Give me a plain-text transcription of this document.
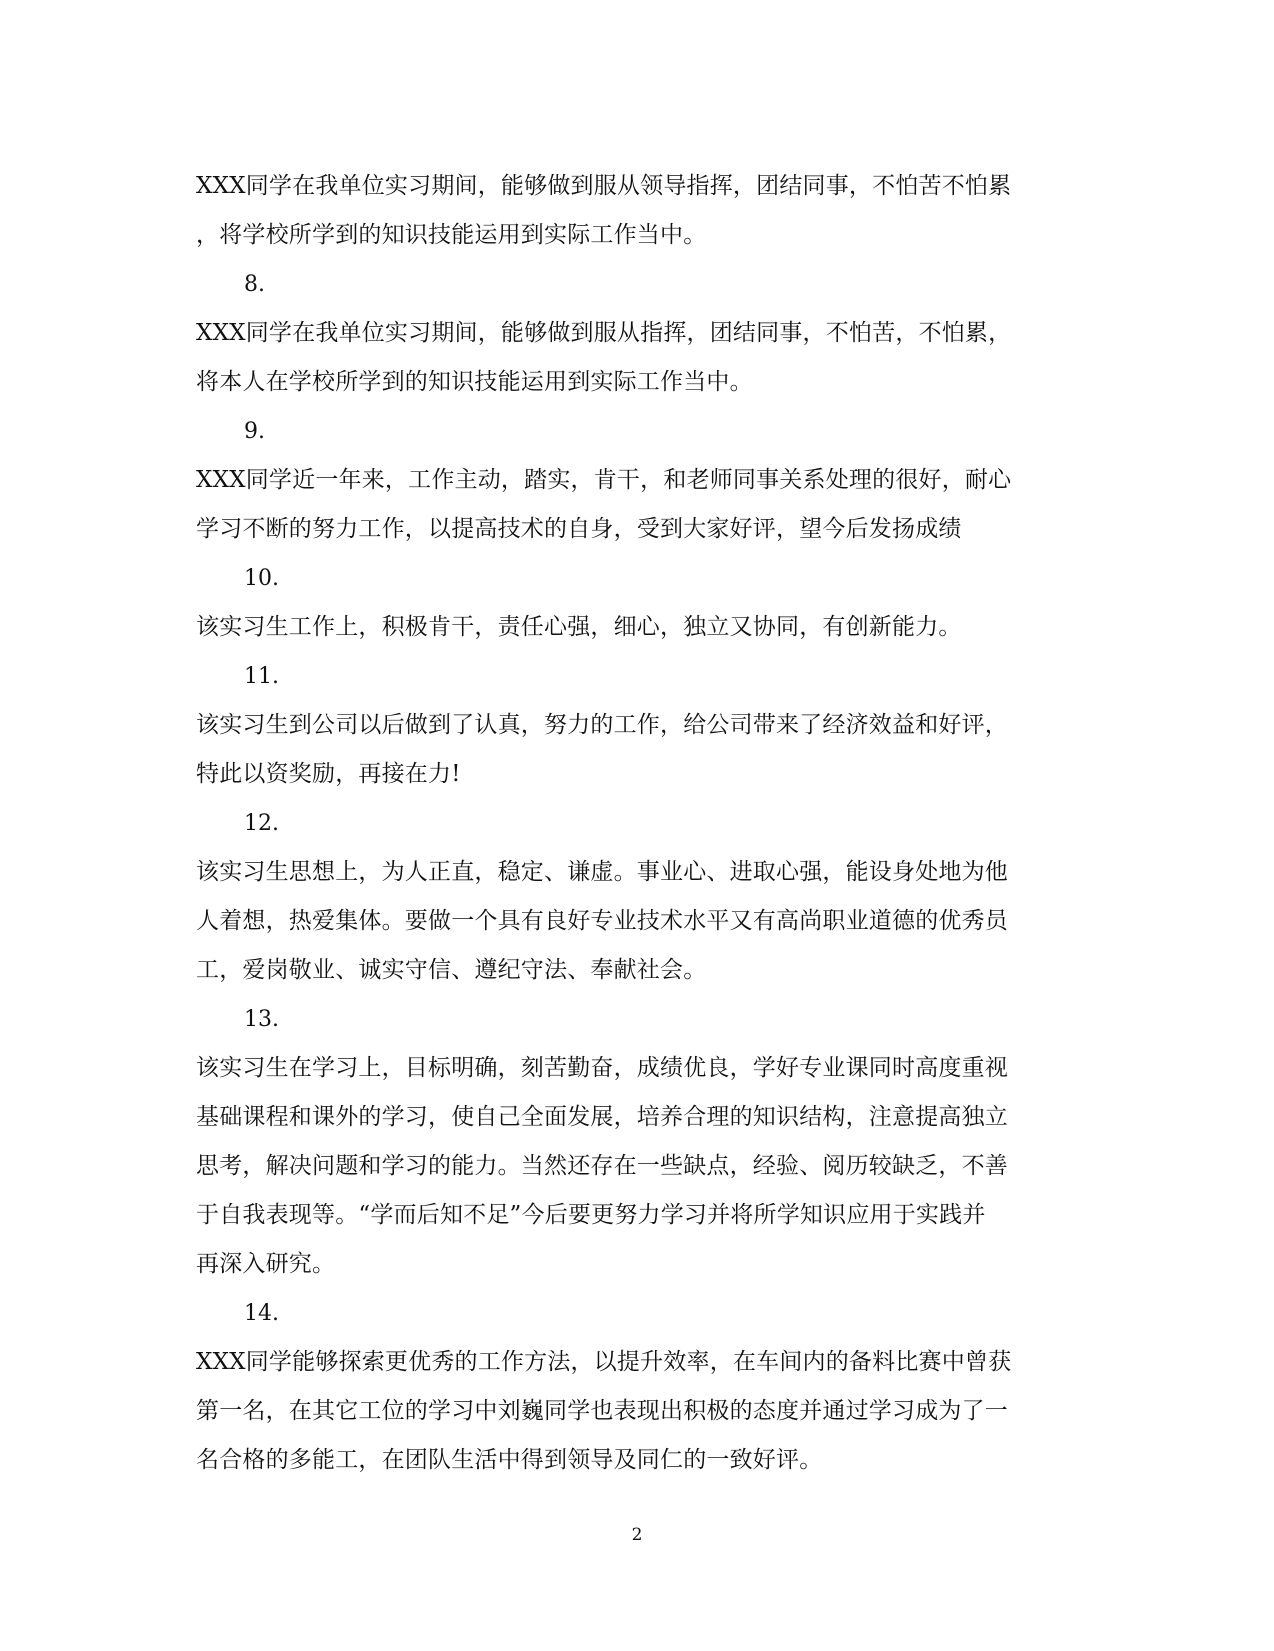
XXX同学在我单位实习期间，能够做到服从领导指挥，团结同事，不怕苦不怕累
，将学校所学到的知识技能运用到实际工作当中。
8.
XXX同学在我单位实习期间，能够做到服从指挥，团结同事，不怕苦，不怕累，
将本人在学校所学到的知识技能运用到实际工作当中。
9.
XXX同学近一年来，工作主动，踏实，肯干，和老师同事关系处理的很好，耐心
学习不断的努力工作，以提高技术的自身，受到大家好评，望今后发扬成绩
10.
该实习生工作上，积极肯干，责任心强，细心，独立又协同，有创新能力。
11.
该实习生到公司以后做到了认真，努力的工作，给公司带来了经济效益和好评，
特此以资奖励，再接在力!
12.
该实习生思想上，为人正直，稳定、谦虚。事业心、进取心强，能设身处地为他
人着想，热爱集体。要做一个具有良好专业技术水平又有高尚职业道德的优秀员
工，爱岗敬业、诚实守信、遵纪守法、奉献社会。
13.
该实习生在学习上，目标明确，刻苦勤奋，成绩优良，学好专业课同时高度重视
基础课程和课外的学习，使自己全面发展，培养合理的知识结构，注意提高独立
思考，解决问题和学习的能力。当然还存在一些缺点，经验、阅历较缺乏，不善
于自我表现等。“学而后知不足”今后要更努力学习并将所学知识应用于实践并
再深入研究。
14.
XXX同学能够探索更优秀的工作方法，以提升效率，在车间内的备料比赛中曾获
第一名，在其它工位的学习中刘巍同学也表现出积极的态度并通过学习成为了一
名合格的多能工，在团队生活中得到领导及同仁的一致好评。
2
